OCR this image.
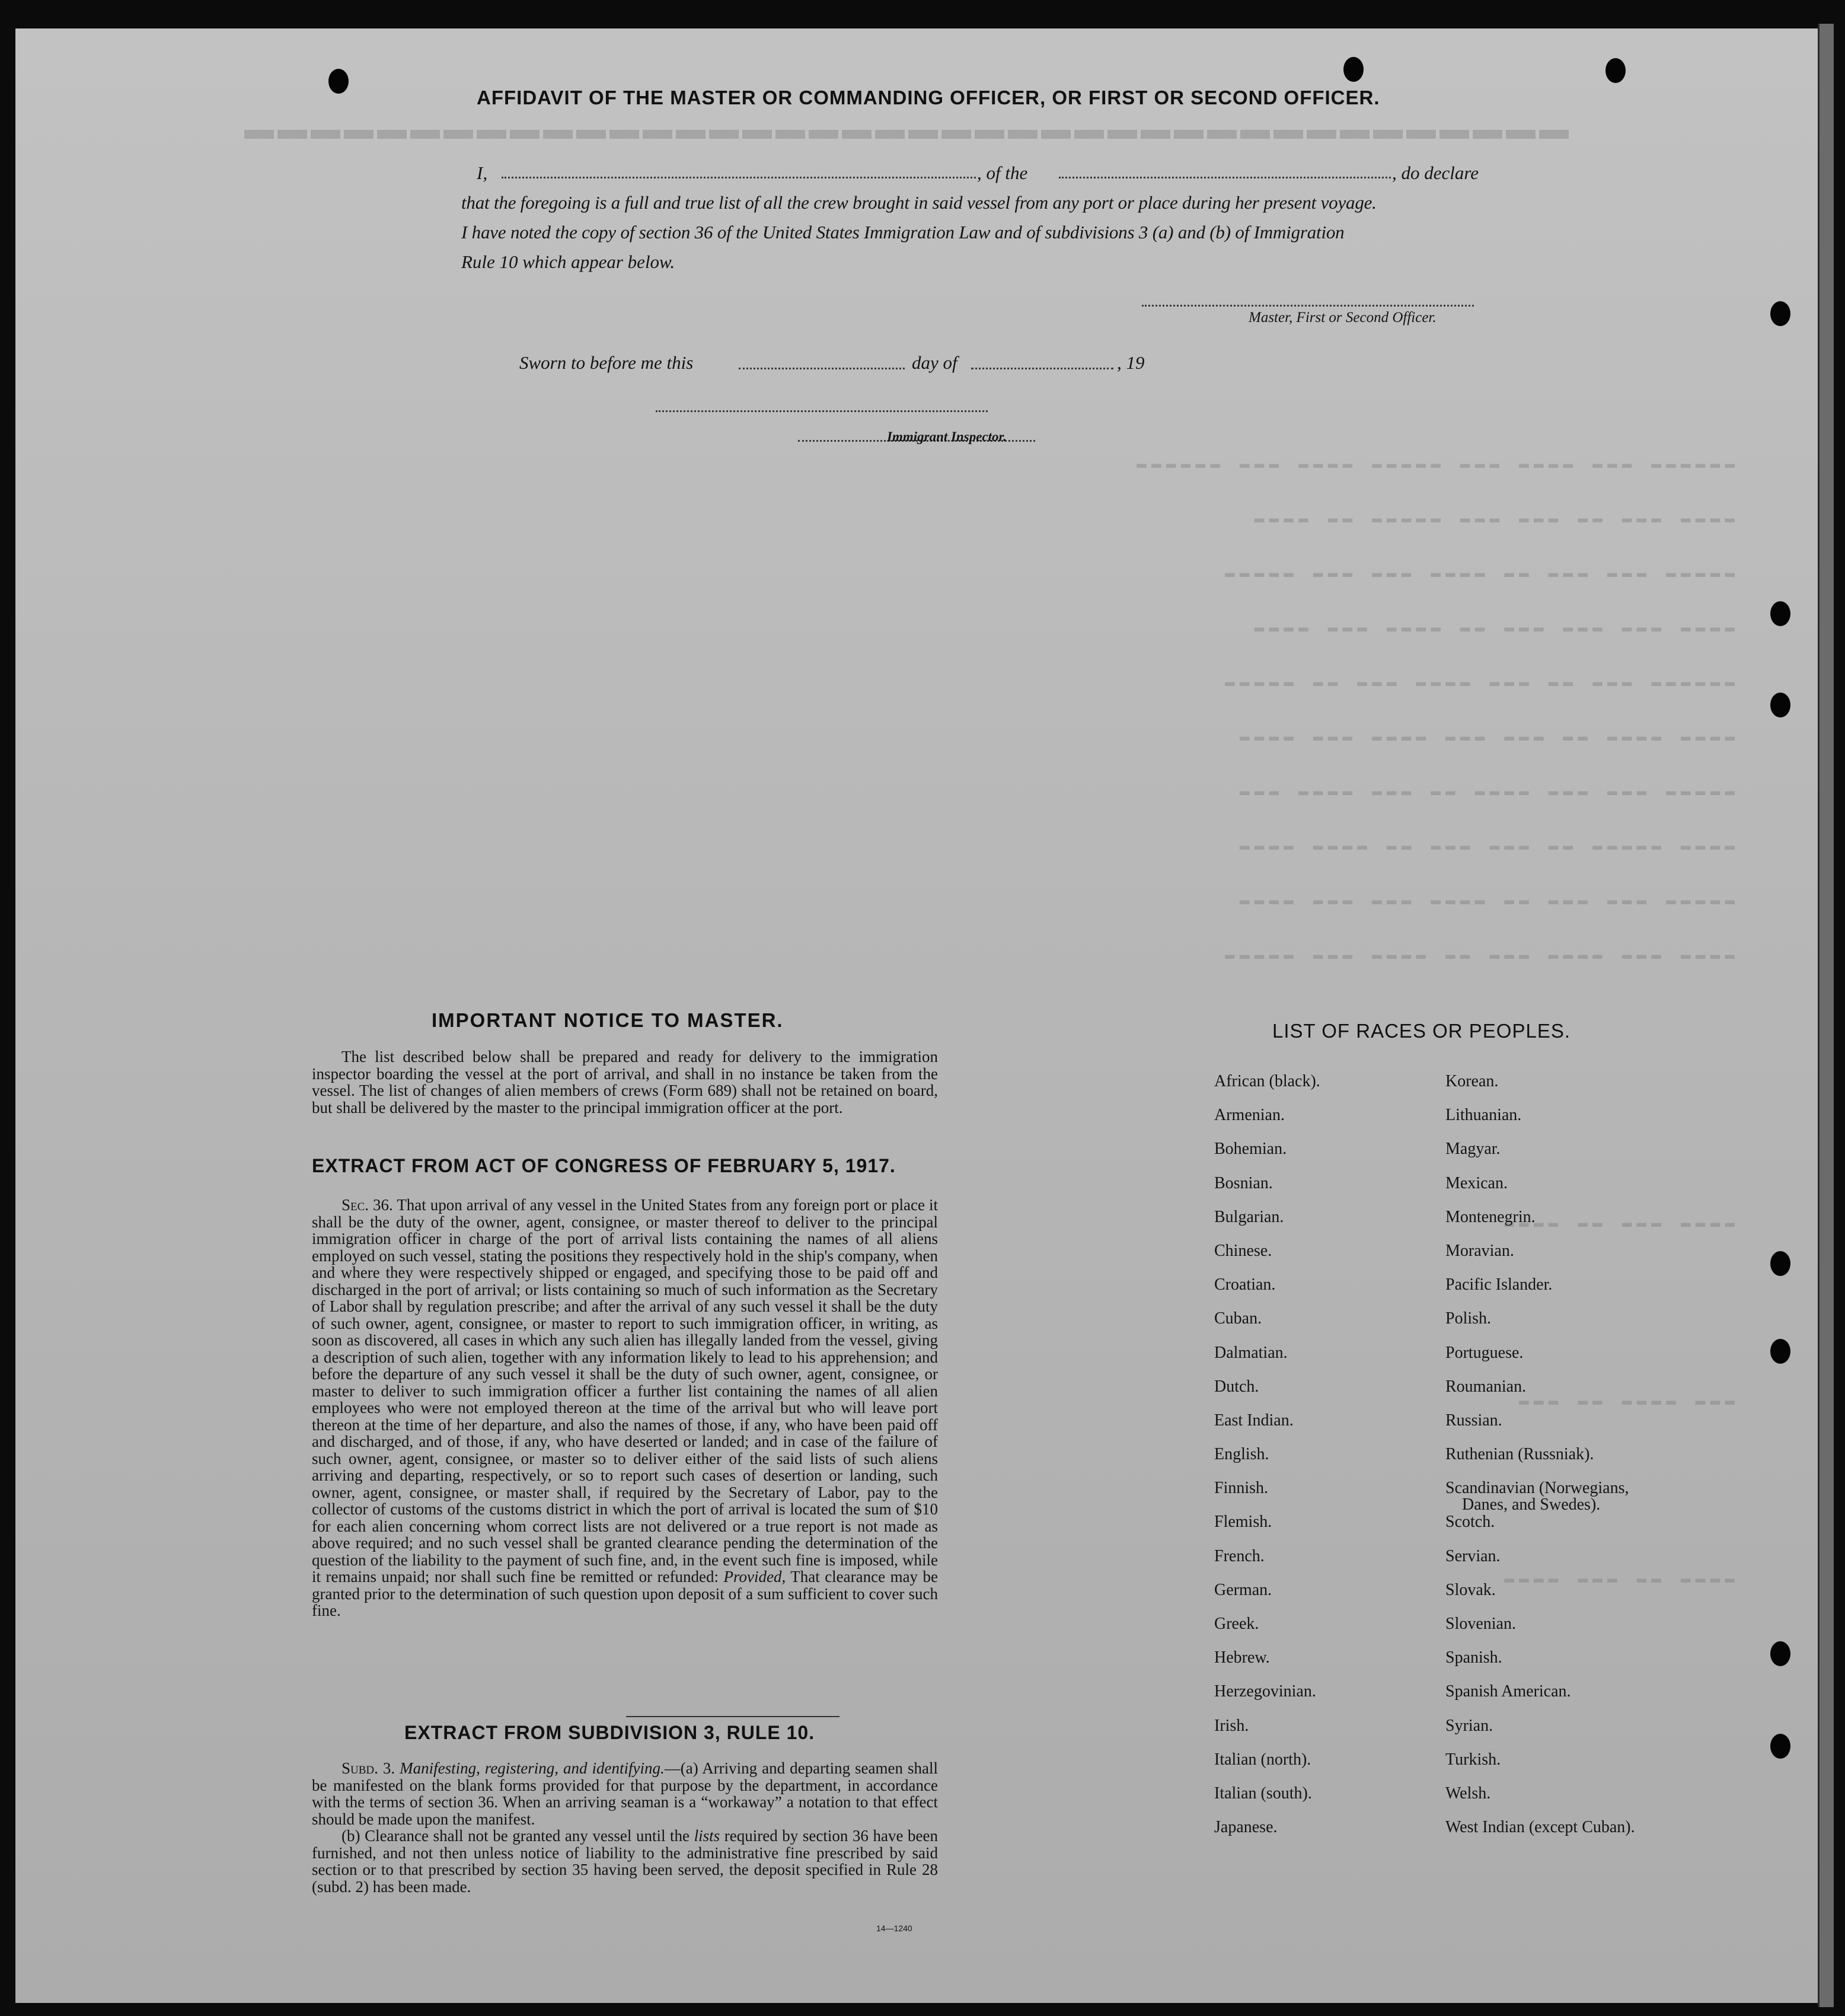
▬▬▬▬▬▬▬▬▬▬▬▬▬▬▬▬▬▬▬▬▬▬▬▬▬▬▬▬▬▬▬▬▬▬▬▬▬▬▬▬
▬▬▬▬▬▬ ▬▬▬ ▬▬▬▬ ▬▬▬ ▬▬▬▬▬ ▬▬▬▬ ▬▬▬ ▬▬▬▬▬▬
▬▬▬▬ ▬▬▬ ▬▬ ▬▬▬ ▬▬▬ ▬▬▬▬▬ ▬▬ ▬▬▬▬
▬▬▬▬▬ ▬▬▬ ▬▬▬ ▬▬ ▬▬▬▬ ▬▬▬ ▬▬▬ ▬▬▬▬▬
▬▬▬▬ ▬▬▬ ▬▬▬ ▬▬▬ ▬▬ ▬▬▬▬ ▬▬▬ ▬▬▬▬
▬▬▬▬▬▬ ▬▬▬ ▬▬ ▬▬▬ ▬▬▬▬ ▬▬▬ ▬▬ ▬▬▬▬▬
▬▬▬▬ ▬▬▬▬ ▬▬ ▬▬▬ ▬▬▬ ▬▬▬▬ ▬▬▬ ▬▬▬▬
▬▬▬▬▬ ▬▬▬ ▬▬▬ ▬▬▬▬ ▬▬ ▬▬▬ ▬▬▬▬ ▬▬▬
▬▬▬▬ ▬▬▬▬▬ ▬▬ ▬▬▬ ▬▬▬ ▬▬ ▬▬▬▬ ▬▬▬▬
▬▬▬▬▬ ▬▬▬ ▬▬▬ ▬▬ ▬▬▬▬ ▬▬▬ ▬▬▬ ▬▬▬▬
▬▬▬▬ ▬▬▬ ▬▬▬▬ ▬▬▬ ▬▬ ▬▬▬▬ ▬▬▬ ▬▬▬▬▬
▬▬▬▬ ▬▬▬ ▬▬ ▬▬▬▬
▬▬▬ ▬▬▬▬ ▬▬ ▬▬▬
▬▬▬▬ ▬▬ ▬▬▬ ▬▬▬▬
AFFIDAVIT OF THE MASTER OR COMMANDING OFFICER, OR FIRST OR SECOND OFFICER.
I,	, of the	, do declare
that the foregoing is a full and true list of all the crew brought in said vessel from any port or place during her present voyage.
I have noted the copy of section 36 of the United States Immigration Law and of subdivisions 3 (a) and (b) of Immigration
Rule 10 which appear below.
Master, First or Second Officer.
Sworn to before me this	day of	, 19
Immigrant Inspector.
IMPORTANT NOTICE TO MASTER.

The list described below shall be prepared and ready for delivery to the immigration inspector boarding the vessel at the port of arrival, and shall in no instance be taken from the vessel. The list of changes of alien members of crews (Form 689) shall not be retained on board, but shall be delivered by the master to the principal immigration officer at the port.

EXTRACT FROM ACT OF CONGRESS OF FEBRUARY 5, 1917.

Sec. 36. That upon arrival of any vessel in the United States from any foreign port or place it shall be the duty of the owner, agent, consignee, or master thereof to deliver to the principal immigration officer in charge of the port of arrival lists containing the names of all aliens employed on such vessel, stating the positions they respectively hold in the ship's company, when and where they were respectively shipped or engaged, and specifying those to be paid off and discharged in the port of arrival; or lists containing so much of such information as the Secretary of Labor shall by regulation prescribe; and after the arrival of any such vessel it shall be the duty of such owner, agent, consignee, or master to report to such immigration officer, in writing, as soon as discovered, all cases in which any such alien has illegally landed from the vessel, giving a description of such alien, together with any information likely to lead to his apprehension; and before the departure of any such vessel it shall be the duty of such owner, agent, consignee, or master to deliver to such immigration officer a further list containing the names of all alien employees who were not employed thereon at the time of the arrival but who will leave port thereon at the time of her departure, and also the names of those, if any, who have been paid off and discharged, and of those, if any, who have deserted or landed; and in case of the failure of such owner, agent, consignee, or master so to deliver either of the said lists of such aliens arriving and departing, respectively, or so to report such cases of desertion or landing, such owner, agent, consignee, or master shall, if required by the Secretary of Labor, pay to the collector of customs of the customs district in which the port of arrival is located the sum of $10 for each alien concerning whom correct lists are not delivered or a true report is not made as above required; and no such vessel shall be granted clearance pending the determination of the question of the liability to the payment of such fine, and, in the event such fine is imposed, while it remains unpaid; nor shall such fine be remitted or refunded: Provided, That clearance may be granted prior to the determination of such question upon deposit of a sum sufficient to cover such fine.

EXTRACT FROM SUBDIVISION 3, RULE 10.

Subd. 3. Manifesting, registering, and identifying.—(a) Arriving and departing seamen shall be manifested on the blank forms provided for that purpose by the department, in accordance with the terms of section 36. When an arriving seaman is a “workaway” a notation to that effect should be made upon the manifest.

(b) Clearance shall not be granted any vessel until the lists required by section 36 have been furnished, and not then unless notice of liability to the administrative fine prescribed by said section or to that prescribed by section 35 having been served, the deposit specified in Rule 28 (subd. 2) has been made.

14—1240
LIST OF RACES OR PEOPLES.
African (black).
Armenian.
Bohemian.
Bosnian.
Bulgarian.
Chinese.
Croatian.
Cuban.
Dalmatian.
Dutch.
East Indian.
English.
Finnish.
Flemish.
French.
German.
Greek.
Hebrew.
Herzegovinian.
Irish.
Italian (north).
Italian (south).
Japanese.
Korean.
Lithuanian.
Magyar.
Mexican.
Montenegrin.
Moravian.
Pacific Islander.
Polish.
Portuguese.
Roumanian.
Russian.
Ruthenian (Russniak).
Scandinavian (Norwegians,
Danes, and Swedes).
Scotch.
Servian.
Slovak.
Slovenian.
Spanish.
Spanish American.
Syrian.
Turkish.
Welsh.
West Indian (except Cuban).
